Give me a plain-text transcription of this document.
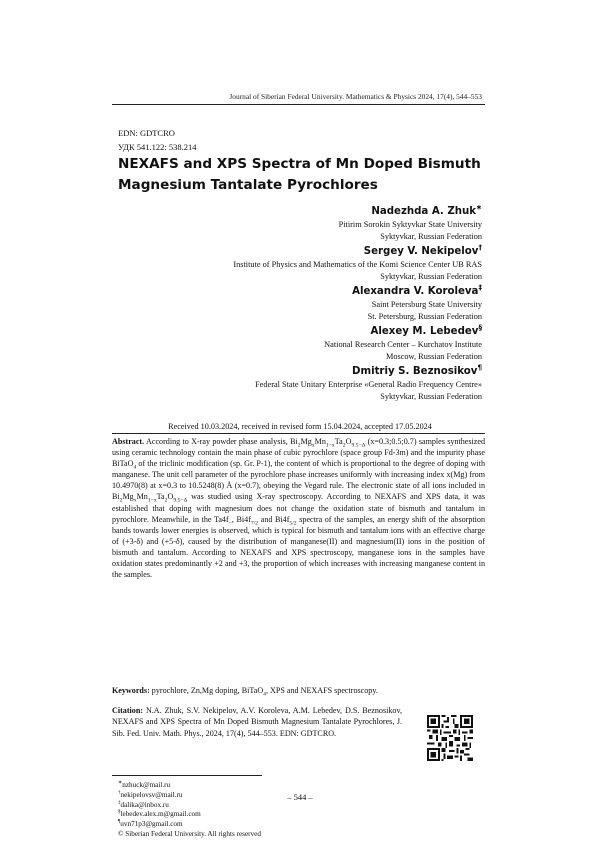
Journal of Siberian Federal University. Mathematics & Physics 2024, 17(4), 544–553
EDN: GDTCRO
УДК 541.122: 538.214
NEXAFS and XPS Spectra of Mn Doped Bismuth
Magnesium Tantalate Pyrochlores
Nadezhda A. Zhuk∗
Pitirim Sorokin Syktyvkar State University
Syktyvkar, Russian Federation
Sergey V. Nekipelov†
Institute of Physics and Mathematics of the Komi Science Center UB RAS
Syktyvkar, Russian Federation
Alexandra V. Koroleva‡
Saint Petersburg State University
St. Petersburg, Russian Federation
Alexey M. Lebedev§
National Research Center – Kurchatov Institute
Moscow, Russian Federation
Dmitriy S. Beznosikov¶
Federal State Unitary Enterprise «General Radio Frequency Centre»
Syktyvkar, Russian Federation
Received 10.03.2024, received in revised form 15.04.2024, accepted 17.05.2024
Abstract. According to X-ray powder phase analysis, $Bi_2Mg_xMn_{1-x}Ta_2O_{9.5-\Delta}$ (x=0.3;0.5;0.7) samples synthesized using ceramic technology contain the main phase of cubic pyrochlore (space group Fd-3m) and the impurity phase BiTaO$_4$ of the triclinic modification (sp. Gr. P-1), the content of which is proportional to the degree of doping with manganese. The unit cell parameter of the pyrochlore phase increases uniformly with increasing index x(Mg) from 10.4970(8) at x=0.3 to 10.5248(8) Å (x=0.7), obeying the Vegard rule. The electronic state of all ions included in $Bi_2Mg_xMn_{1-x}Ta_2O_{9.5-\Delta}$ was studied using X-ray spectroscopy. According to NEXAFS and XPS data, it was established that doping with magnesium does not change the oxidation state of bismuth and tantalum in pyrochlore. Meanwhile, in the $Ta4f_-$, $Bi4f_{7/2}$ and $Bi4f_{5/2}$ spectra of the samples, an energy shift of the absorption bands towards lower energies is observed, which is typical for bismuth and tantalum ions with an effective charge of (+3-δ) and (+5-δ), caused by the distribution of manganese(II) and magnesium(II) ions in the position of bismuth and tantalum. According to NEXAFS and XPS spectroscopy, manganese ions in the samples have oxidation states predominantly +2 and +3, the proportion of which increases with increasing manganese content in the samples.
Keywords: pyrochlore, Zn,Mg doping, BiTaO$_4$, XPS and NEXAFS spectroscopy.
Citation: N.A. Zhuk, S.V. Nekipelov, A.V. Koroleva, A.M. Lebedev, D.S. Beznosikov, NEXAFS and XPS Spectra of Mn Doped Bismuth Magnesium Tantalate Pyrochlores, J. Sib. Fed. Univ. Math. Phys., 2024, 17(4), 544–553. EDN: GDTCRO.
∗nzhuck@mail.ru
†nekipelovsv@mail.ru
‡dalika@inbox.ru
§lebedev.alex.m@gmail.com
¶uvn71p3@gmail.com
© Siberian Federal University. All rights reserved
– 544 –
